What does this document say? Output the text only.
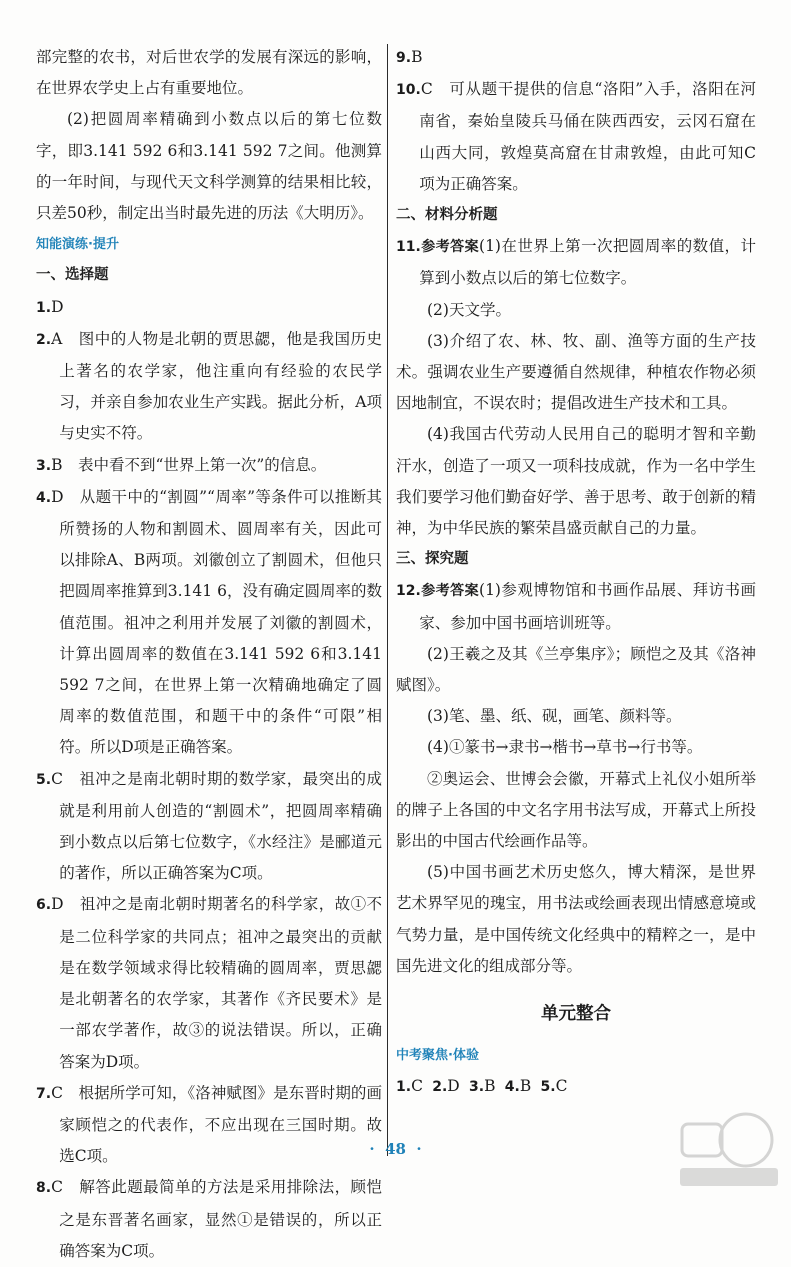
部完整的农书，对后世农学的发展有深远的影响，在世界农学史上占有重要地位。

(2)把圆周率精确到小数点以后的第七位数字，即3.141 592 6和3.141 592 7之间。他测算的一年时间，与现代天文科学测算的结果相比较，只差50秒，制定出当时最先进的历法《大明历》。

知能演练·提升

一、选择题

1.D

2.A　图中的人物是北朝的贾思勰，他是我国历史上著名的农学家，他注重向有经验的农民学习，并亲自参加农业生产实践。据此分析，A项与史实不符。

3.B　表中看不到“世界上第一次”的信息。

4.D　从题干中的“割圆”“周率”等条件可以推断其所赞扬的人物和割圆术、圆周率有关，因此可以排除A、B两项。刘徽创立了割圆术，但他只把圆周率推算到3.141 6，没有确定圆周率的数值范围。祖冲之利用并发展了刘徽的割圆术，计算出圆周率的数值在3.141 592 6和3.141 592 7之间，在世界上第一次精确地确定了圆周率的数值范围，和题干中的条件“可限”相符。所以D项是正确答案。

5.C　祖冲之是南北朝时期的数学家，最突出的成就是利用前人创造的“割圆术”，把圆周率精确到小数点以后第七位数字，《水经注》是郦道元的著作，所以正确答案为C项。

6.D　祖冲之是南北朝时期著名的科学家，故①不是二位科学家的共同点；祖冲之最突出的贡献是在数学领域求得比较精确的圆周率，贾思勰是北朝著名的农学家，其著作《齐民要术》是一部农学著作，故③的说法错误。所以，正确答案为D项。

7.C　根据所学可知，《洛神赋图》是东晋时期的画家顾恺之的代表作，不应出现在三国时期。故选C项。

8.C　解答此题最简单的方法是采用排除法，顾恺之是东晋著名画家，显然①是错误的，所以正确答案为C项。

9.B

10.C　可从题干提供的信息“洛阳”入手，洛阳在河南省，秦始皇陵兵马俑在陕西西安，云冈石窟在山西大同，敦煌莫高窟在甘肃敦煌，由此可知C项为正确答案。

二、材料分析题

11.参考答案(1)在世界上第一次把圆周率的数值，计算到小数点以后的第七位数字。

(2)天文学。

(3)介绍了农、林、牧、副、渔等方面的生产技术。强调农业生产要遵循自然规律，种植农作物必须因地制宜，不误农时；提倡改进生产技术和工具。

(4)我国古代劳动人民用自己的聪明才智和辛勤汗水，创造了一项又一项科技成就，作为一名中学生我们要学习他们勤奋好学、善于思考、敢于创新的精神，为中华民族的繁荣昌盛贡献自己的力量。

三、探究题

12.参考答案(1)参观博物馆和书画作品展、拜访书画家、参加中国书画培训班等。

(2)王羲之及其《兰亭集序》；顾恺之及其《洛神赋图》。

(3)笔、墨、纸、砚，画笔、颜料等。

(4)①篆书→隶书→楷书→草书→行书等。

②奥运会、世博会会徽，开幕式上礼仪小姐所举的牌子上各国的中文名字用书法写成，开幕式上所投影出的中国古代绘画作品等。

(5)中国书画艺术历史悠久，博大精深，是世界艺术界罕见的瑰宝，用书法或绘画表现出情感意境或气势力量，是中国传统文化经典中的精粹之一，是中国先进文化的组成部分等。

单元整合

中考聚焦·体验

1.C 2.D 3.B 4.B 5.C

·  48  ·
